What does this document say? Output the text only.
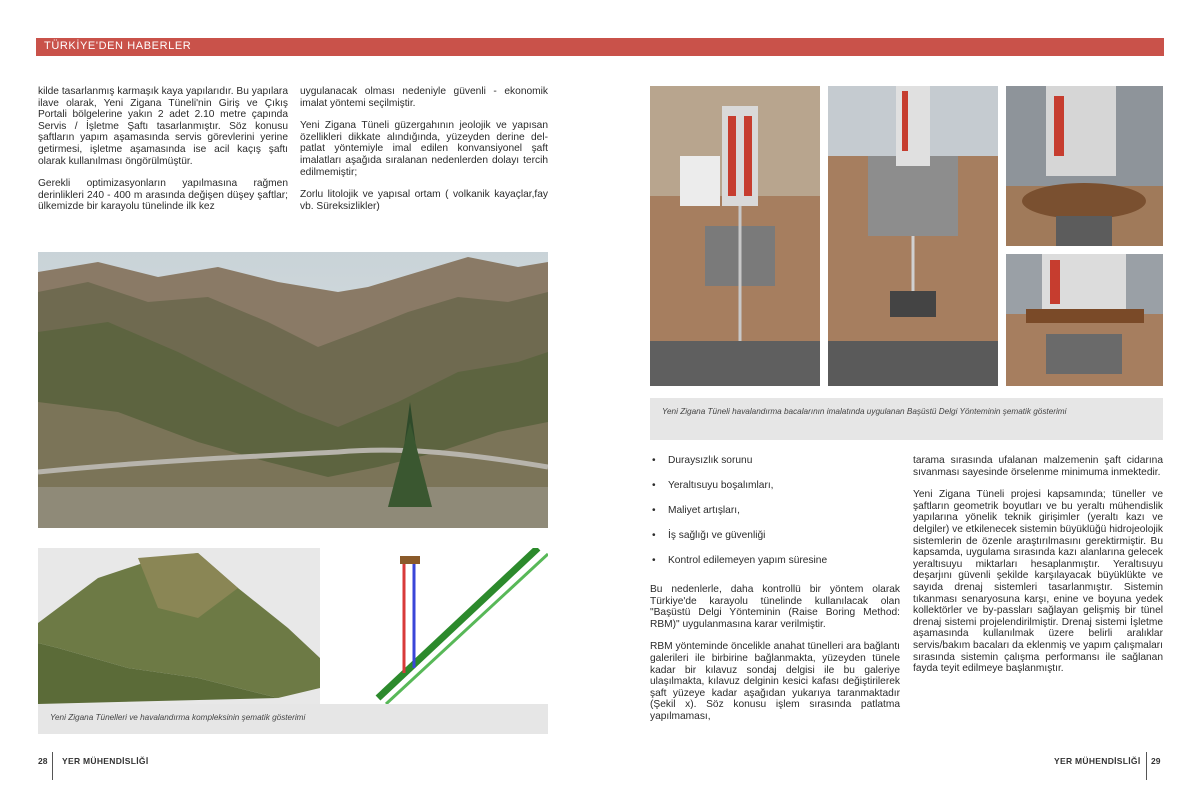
TÜRKİYE'DEN HABERLER

kilde tasarlanmış karmaşık kaya yapılarıdır. Bu yapılara ilave olarak, Yeni Zigana Tüneli'nin Giriş ve Çıkış Portali bölgelerine yakın 2 adet 2.10 metre çapında Servis / İşletme Şaftı tasarlanmıştır. Söz konusu şaftların yapım aşamasında servis görevlerini yerine getirmesi, işletme aşamasında ise acil kaçış şaftı olarak kullanılması öngörülmüştür.

Gerekli optimizasyonların yapılmasına rağmen derinlikleri 240 - 400 m arasında değişen düşey şaftlar; ülkemizde bir karayolu tünelinde ilk kez

uygulanacak olması nedeniyle güvenli - ekonomik imalat yöntemi seçilmiştir.

Yeni Zigana Tüneli güzergahının jeolojik ve yapısan özellikleri dikkate alındığında, yüzeyden derine del-patlat yöntemiyle imal edilen konvansiyonel şaft imalatları aşağıda sıralanan nedenlerden dolayı tercih edilmemiştir;

Zorlu litolojik ve yapısal ortam ( volkanik kayaçlar,fay vb. Süreksizlikler)

Yeni Zigana Tünelleri ve havalandırma kompleksinin şematik gösterimi
Yeni Zigana Tüneli havalandırma bacalarının imalatında uygulanan Başüstü Delgi Yönteminin şematik gösterimi
• Duraysızlık sorunu
• Yeraltısuyu boşalımları,
• Maliyet artışları,
• İş sağlığı ve güvenliği
• Kontrol edilemeyen yapım süresine

Bu nedenlerle, daha kontrollü bir yöntem olarak Türkiye'de karayolu tünelinde kullanılacak olan "Başüstü Delgi Yönteminin (Raise Boring Method: RBM)" uygulanmasına karar verilmiştir.

RBM yönteminde öncelikle anahat tünelleri ara bağlantı galerileri ile birbirine bağlanmakta, yüzeyden tünele kadar bir kılavuz sondaj delgisi ile bu galeriye ulaşılmakta, kılavuz delginin kesici kafası değiştirilerek şaft yüzeye kadar aşağıdan yukarıya taranmaktadır (Şekil x). Söz konusu işlem sırasında patlatma yapılmaması,

tarama sırasında ufalanan malzemenin şaft cidarına sıvanması sayesinde örselenme minimuma inmektedir.

Yeni Zigana Tüneli projesi kapsamında; tüneller ve şaftların geometrik boyutları ve bu yeraltı mühendislik yapılarına yönelik teknik girişimler (yeraltı kazı ve delgiler) ve etkilenecek sistemin büyüklüğü hidrojeolojik sistemlerin de özenle araştırılmasını gerektirmiştir. Bu kapsamda, uygulama sırasında kazı alanlarına gelecek yeraltısuyu miktarları hesaplanmıştır. Yeraltısuyu deşarjını güvenli şekilde karşılayacak büyüklükte ve sayıda drenaj sistemleri tasarlanmıştır. Sistemin tıkanması senaryosuna karşı, enine ve boyuna yedek kollektörler ve by-passları sağlayan gelişmiş bir tünel drenaj sistemi projelendirilmiştir. Drenaj sistemi İşletme aşamasında kullanılmak üzere belirli aralıklar servis/bakım bacaları da eklenmiş ve yapım çalışmaları sırasında sistemin çalışma performansı ile sağlanan fayda teyit edilmeye başlanmıştır.

28 YER MÜHENDİSLİĞİ	YER MÜHENDİSLİĞİ 29
